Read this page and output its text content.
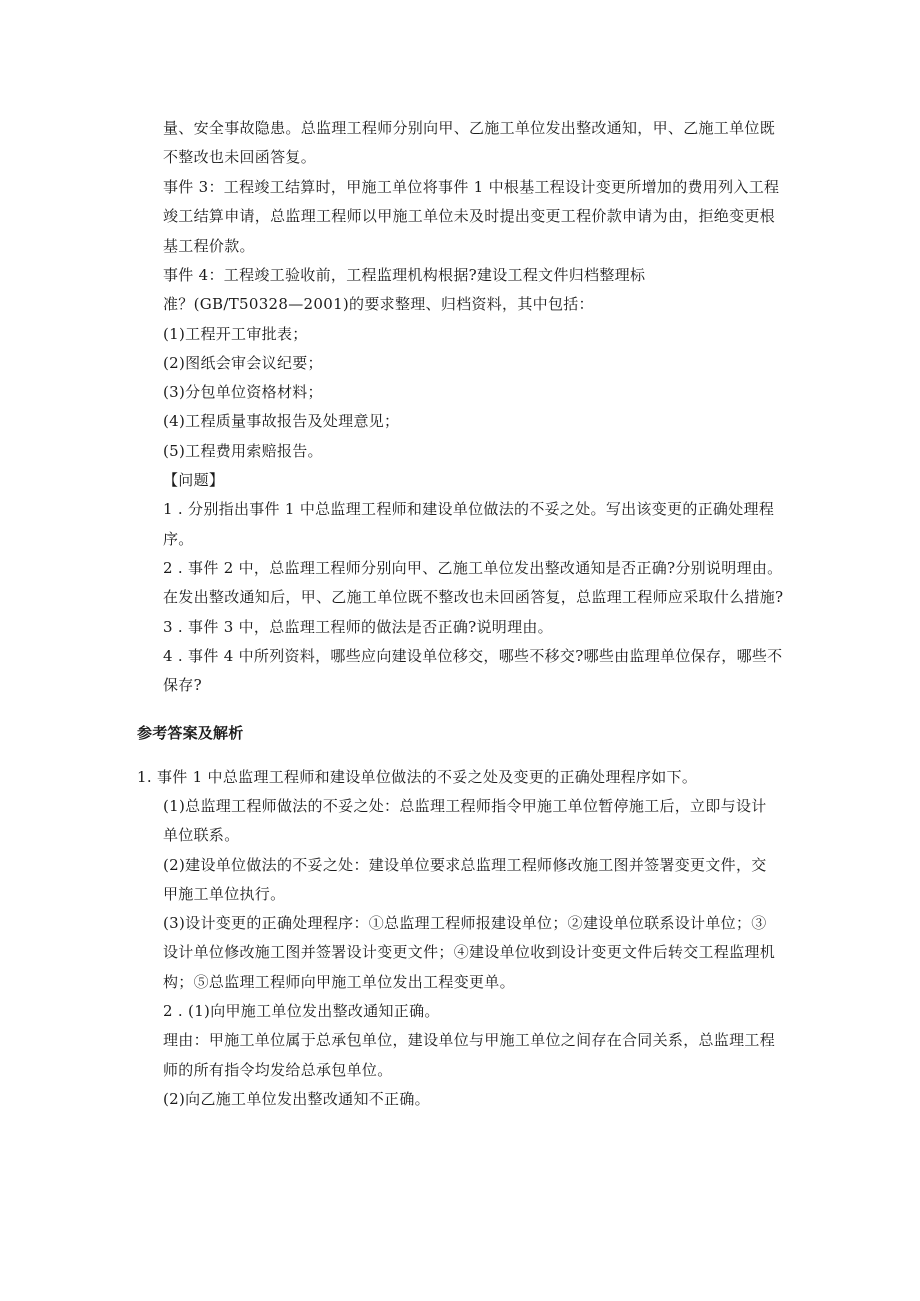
量、安全事故隐患。总监理工程师分别向甲、乙施工单位发出整改通知，甲、乙施工单位既
不整改也未回函答复。
事件 3：工程竣工结算时，甲施工单位将事件 1 中根基工程设计变更所增加的费用列入工程
竣工结算申请，总监理工程师以甲施工单位未及时提出变更工程价款申请为由，拒绝变更根
基工程价款。
事件 4：工程竣工验收前，工程监理机构根据?建设工程文件归档整理标
准？(GB/T50328—2001)的要求整理、归档资料，其中包括：
(1)工程开工审批表；
(2)图纸会审会议纪要；
(3)分包单位资格材料；
(4)工程质量事故报告及处理意见；
(5)工程费用索赔报告。
【问题】
1 . 分别指出事件 1 中总监理工程师和建设单位做法的不妥之处。写出该变更的正确处理程
序。
2 . 事件 2 中，总监理工程师分别向甲、乙施工单位发出整改通知是否正确?分别说明理由。
在发出整改通知后，甲、乙施工单位既不整改也未回函答复，总监理工程师应采取什么措施?
3 . 事件 3 中，总监理工程师的做法是否正确?说明理由。
4 . 事件 4 中所列资料，哪些应向建设单位移交，哪些不移交?哪些由监理单位保存，哪些不
保存?
参考答案及解析
1. 事件 1 中总监理工程师和建设单位做法的不妥之处及变更的正确处理程序如下。
(1)总监理工程师做法的不妥之处：总监理工程师指令甲施工单位暂停施工后，立即与设计
单位联系。
(2)建设单位做法的不妥之处：建设单位要求总监理工程师修改施工图并签署变更文件，交
甲施工单位执行。
(3)设计变更的正确处理程序：①总监理工程师报建设单位；②建设单位联系设计单位；③
设计单位修改施工图并签署设计变更文件；④建设单位收到设计变更文件后转交工程监理机
构；⑤总监理工程师向甲施工单位发出工程变更单。
2 . (1)向甲施工单位发出整改通知正确。
理由：甲施工单位属于总承包单位，建设单位与甲施工单位之间存在合同关系，总监理工程
师的所有指令均发给总承包单位。
(2)向乙施工单位发出整改通知不正确。
